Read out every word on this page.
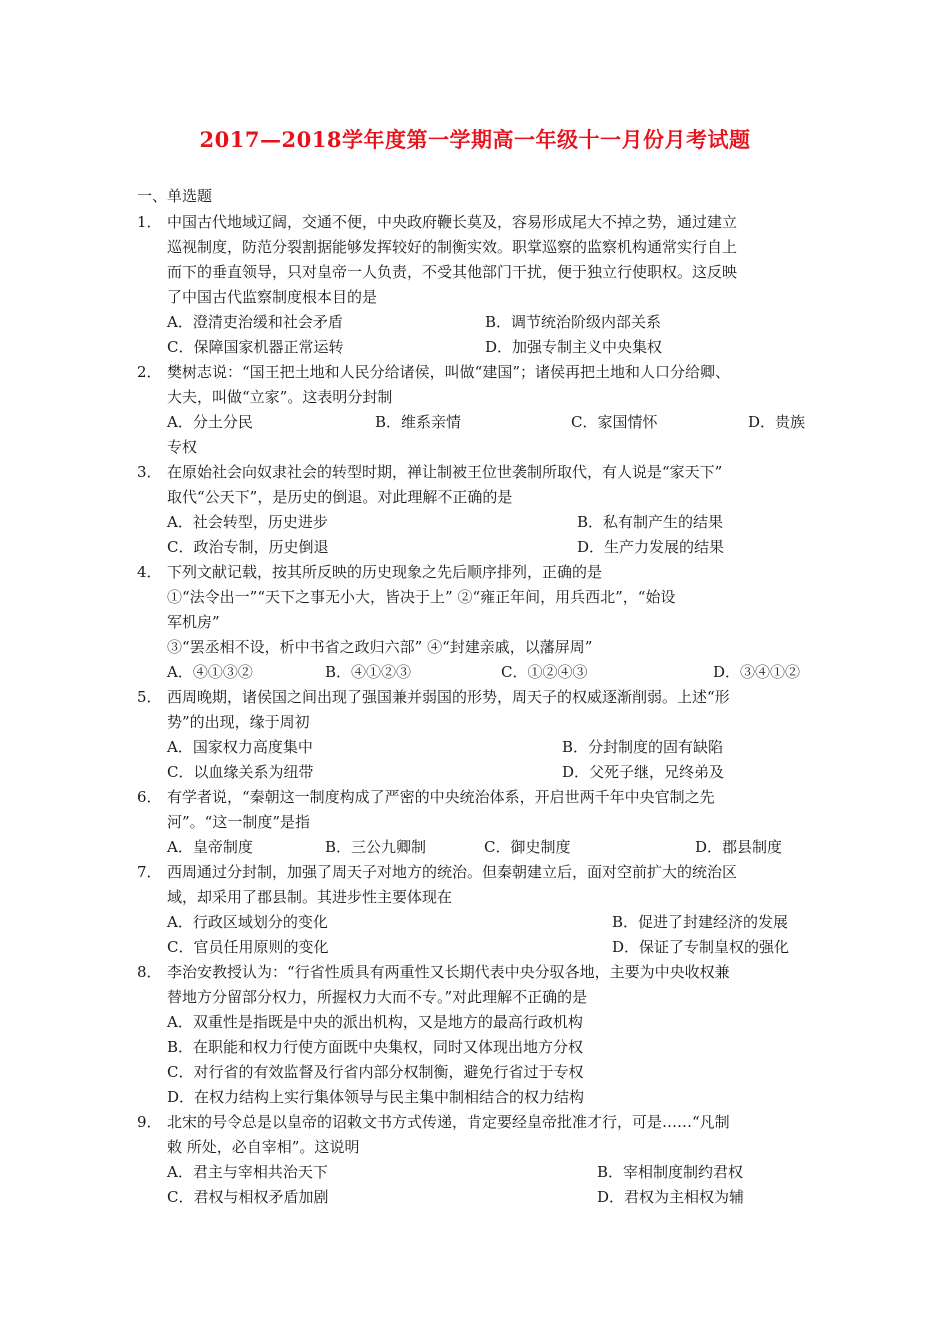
2017—2018学年度第一学期高一年级十一月份月考试题
一、单选题
1． 中国古代地域辽阔，交通不便，中央政府鞭长莫及，容易形成尾大不掉之势，通过建立
巡视制度，防范分裂割据能够发挥较好的制衡实效。职掌巡察的监察机构通常实行自上
而下的垂直领导，只对皇帝一人负责，不受其他部门干扰，便于独立行使职权。这反映
了中国古代监察制度根本目的是
A．澄清吏治缓和社会矛盾	B．调节统治阶级内部关系
C．保障国家机器正常运转	D．加强专制主义中央集权
2． 樊树志说：“国王把土地和人民分给诸侯，叫做“建国”；诸侯再把土地和人口分给卿、
大夫，叫做“立家”。这表明分封制
A．分土分民	B．维系亲情	C．家国情怀	D．贵族
专权
3． 在原始社会向奴隶社会的转型时期，禅让制被王位世袭制所取代，有人说是“家天下”
取代“公天下”，是历史的倒退。对此理解不正确的是
A．社会转型，历史进步	B．私有制产生的结果
C．政治专制，历史倒退	D．生产力发展的结果
4． 下列文献记载，按其所反映的历史现象之先后顺序排列，正确的是
①“法令出一”“天下之事无小大，皆决于上” ②“雍正年间，用兵西北”，“始设
军机房”
③“罢丞相不设，析中书省之政归六部” ④“封建亲戚，以藩屏周”
A．④①③②	B．④①②③	C．①②④③	D．③④①②
5． 西周晚期，诸侯国之间出现了强国兼并弱国的形势，周天子的权威逐渐削弱。上述“形
势”的出现，缘于周初
A．国家权力高度集中	B．分封制度的固有缺陷
C．以血缘关系为纽带	D．父死子继，兄终弟及
6． 有学者说，“秦朝这一制度构成了严密的中央统治体系，开启世两千年中央官制之先
河”。“这一制度”是指
A．皇帝制度	B．三公九卿制	C．御史制度	D．郡县制度
7． 西周通过分封制，加强了周天子对地方的统治。但秦朝建立后，面对空前扩大的统治区
域，却采用了郡县制。其进步性主要体现在
A．行政区域划分的变化	B．促进了封建经济的发展
C．官员任用原则的变化	D．保证了专制皇权的强化
8． 李治安教授认为：“行省性质具有两重性又长期代表中央分驭各地，主要为中央收权兼
替地方分留部分权力，所握权力大而不专。”对此理解不正确的是
A．双重性是指既是中央的派出机构，又是地方的最高行政机构
B．在职能和权力行使方面既中央集权，同时又体现出地方分权
C．对行省的有效监督及行省内部分权制衡，避免行省过于专权
D．在权力结构上实行集体领导与民主集中制相结合的权力结构
9． 北宋的号令总是以皇帝的诏敕文书方式传递，肯定要经皇帝批准才行，可是……“凡制
敕 所处，必自宰相”。这说明
A．君主与宰相共治天下	B．宰相制度制约君权
C．君权与相权矛盾加剧	D．君权为主相权为辅
